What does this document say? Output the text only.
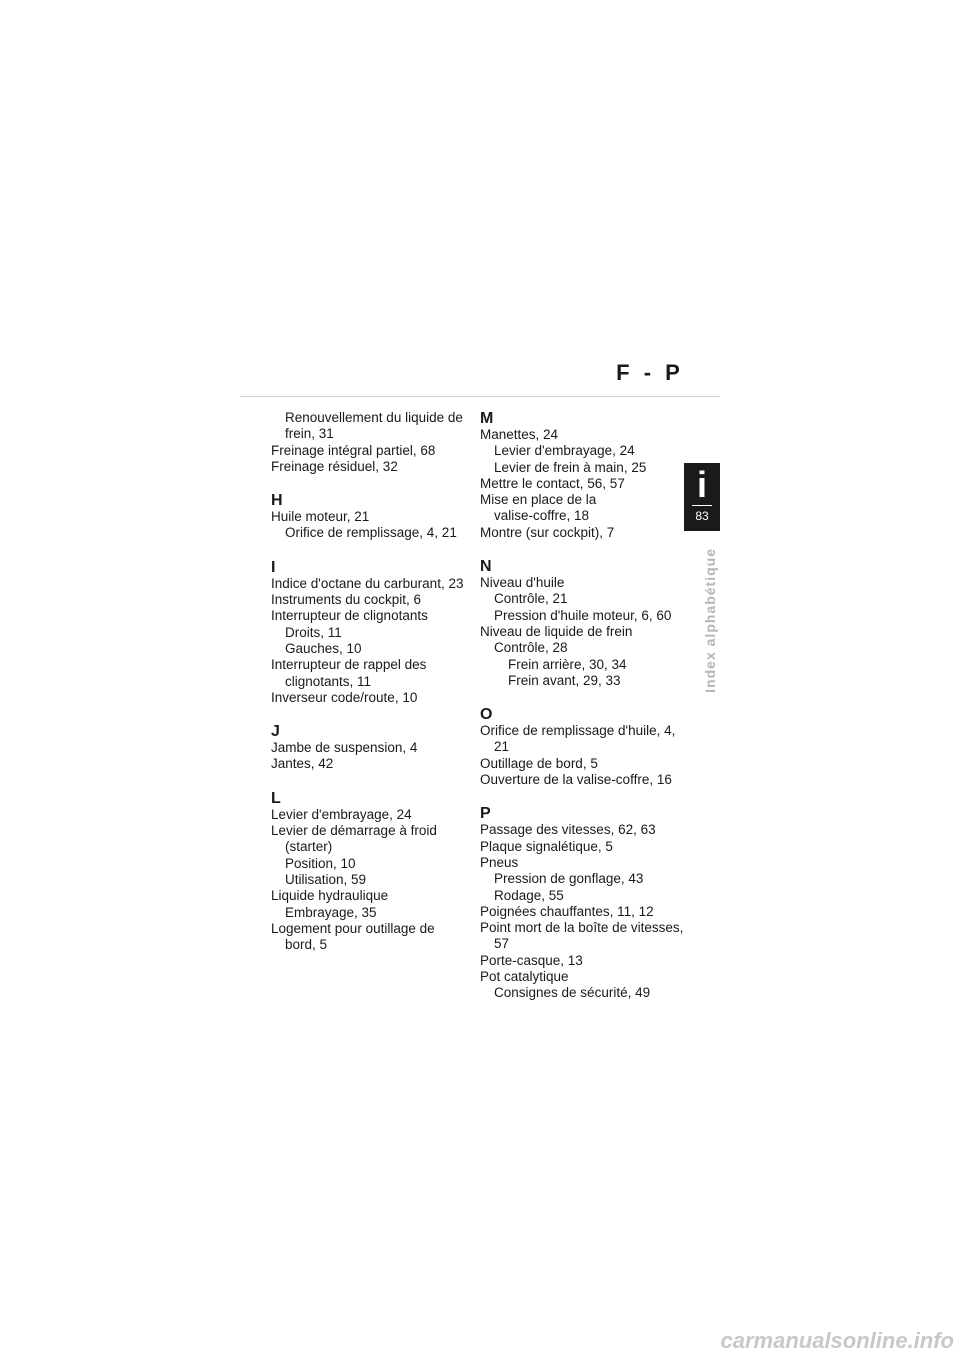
F - P
Renouvellement du liquide de
frein, 31
Freinage intégral partiel, 68
Freinage résiduel, 32
H
Huile moteur, 21
Orifice de remplissage, 4, 21
I
Indice d'octane du carburant, 23
Instruments du cockpit, 6
Interrupteur de clignotants
Droits, 11
Gauches, 10
Interrupteur de rappel des
clignotants, 11
Inverseur code/route, 10
J
Jambe de suspension, 4
Jantes, 42
L
Levier d'embrayage, 24
Levier de démarrage à froid
(starter)
Position, 10
Utilisation, 59
Liquide hydraulique
Embrayage, 35
Logement pour outillage de
bord, 5
M
Manettes, 24
Levier d'embrayage, 24
Levier de frein à main, 25
Mettre le contact, 56, 57
Mise en place de la
valise-coffre, 18
Montre (sur cockpit), 7
N
Niveau d'huile
Contrôle, 21
Pression d'huile moteur, 6, 60
Niveau de liquide de frein
Contrôle, 28
Frein arrière, 30, 34
Frein avant, 29, 33
O
Orifice de remplissage d'huile, 4,
21
Outillage de bord, 5
Ouverture de la valise-coffre, 16
P
Passage des vitesses, 62, 63
Plaque signalétique, 5
Pneus
Pression de gonflage, 43
Rodage, 55
Poignées chauffantes, 11, 12
Point mort de la boîte de vitesses,
57
Porte-casque, 13
Pot catalytique
Consignes de sécurité, 49
i
83
Index alphabétique
carmanualsonline.info
